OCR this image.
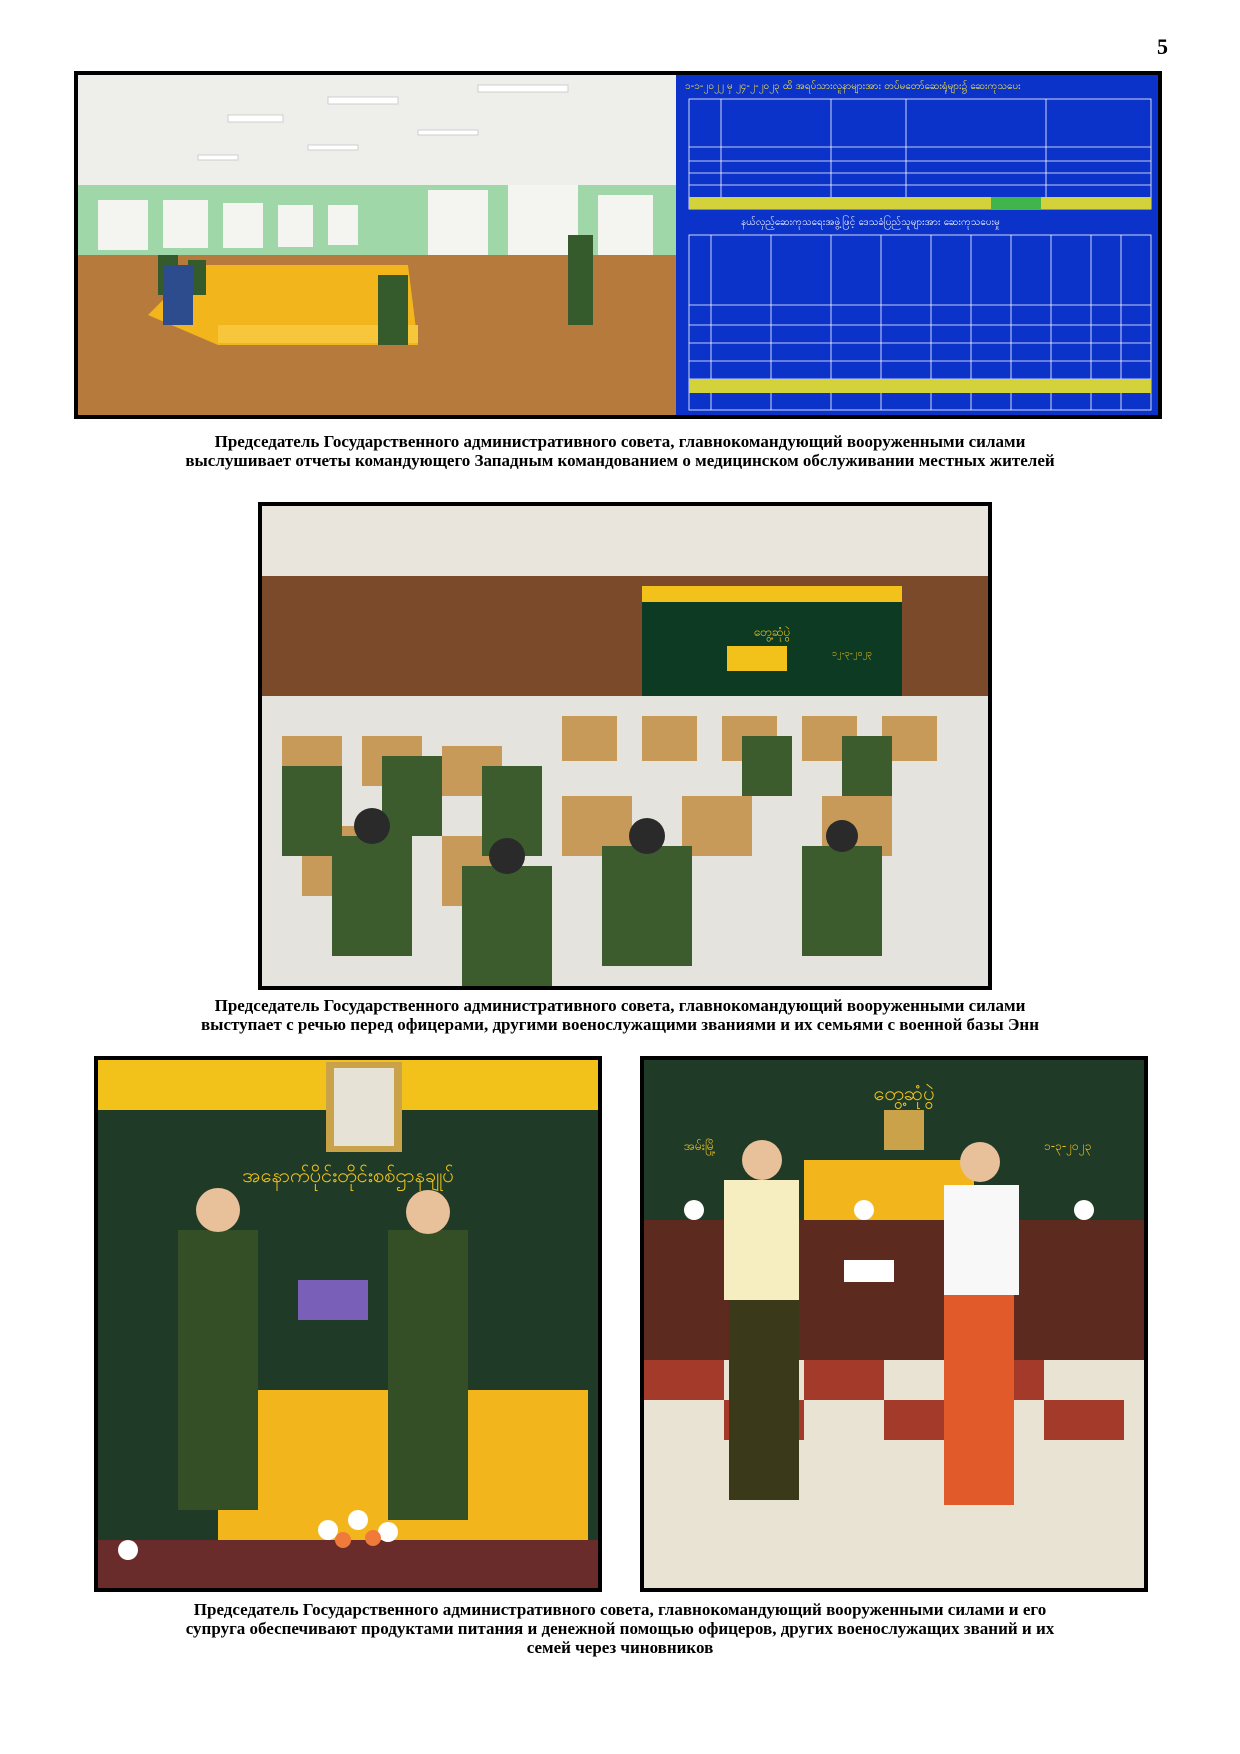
5
၁-၁-၂၀၂၂ မှ ၂၄-၂-၂၀၂၃ ထိ အရပ်သားလူနာများအား တပ်မတော်ဆေးရုံများ၌ ဆေးကုသပေး
နယ်လှည့်ဆေးကုသရေးအဖွဲ့ဖြင့် ဒေသခံပြည်သူများအား ဆေးကုသပေးမှု
Председатель Государственного административного совета, главнокомандующий вооруженными силами
выслушивает отчеты командующего Западным командованием о медицинском обслуживании местных жителей
တွေ့ဆုံပွဲ
၁၂-၃-၂၀၂၃
Председатель Государственного административного совета, главнокомандующий вооруженными силами
выступает с речью перед офицерами, другими военослужащими званиями и их семьями с военной базы Энн
အနောက်ပိုင်းတိုင်းစစ်ဌာနချုပ်
တွေ့ဆုံပွဲ
အမ်းမြို့	၁-၃-၂၀၂၃
Председатель Государственного административного совета, главнокомандующий вооруженными силами и его
супруга обеспечивают продуктами питания и денежной помощью офицеров, других военослужащих званий и их
семей через чиновников
